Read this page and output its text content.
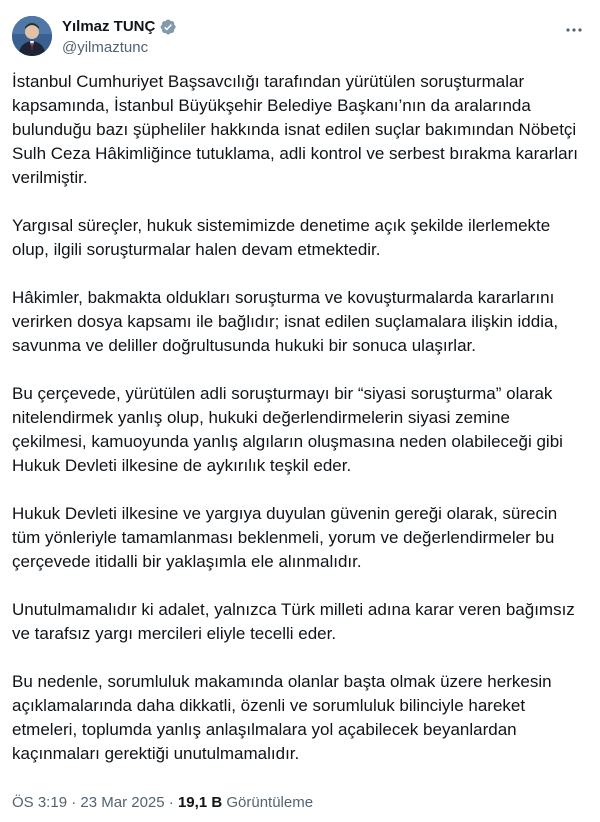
Yılmaz TUNÇ
@yilmaztunc

İstanbul Cumhuriyet Başsavcılığı tarafından yürütülen soruşturmalar kapsamında, İstanbul Büyükşehir Belediye Başkanı’nın da aralarında bulunduğu bazı şüpheliler hakkında isnat edilen suçlar bakımından Nöbetçi Sulh Ceza Hâkimliğince tutuklama, adli kontrol ve serbest bırakma kararları verilmiştir.

Yargısal süreçler, hukuk sistemimizde denetime açık şekilde ilerlemekte olup, ilgili soruşturmalar halen devam etmektedir.

Hâkimler, bakmakta oldukları soruşturma ve kovuşturmalarda kararlarını verirken dosya kapsamı ile bağlıdır; isnat edilen suçlamalara ilişkin iddia, savunma ve deliller doğrultusunda hukuki bir sonuca ulaşırlar.

Bu çerçevede, yürütülen adli soruşturmayı bir “siyasi soruşturma” olarak nitelendirmek yanlış olup, hukuki değerlendirmelerin siyasi zemine çekilmesi, kamuoyunda yanlış algıların oluşmasına neden olabileceği gibi Hukuk Devleti ilkesine de aykırılık teşkil eder.

Hukuk Devleti ilkesine ve yargıya duyulan güvenin gereği olarak, sürecin tüm yönleriyle tamamlanması beklenmeli, yorum ve değerlendirmeler bu çerçevede itidalli bir yaklaşımla ele alınmalıdır.

Unutulmamalıdır ki adalet, yalnızca Türk milleti adına karar veren bağımsız ve tarafsız yargı mercileri eliyle tecelli eder.

Bu nedenle, sorumluluk makamında olanlar başta olmak üzere herkesin açıklamalarında daha dikkatli, özenli ve sorumluluk bilinciyle hareket etmeleri, toplumda yanlış anlaşılmalara yol açabilecek beyanlardan kaçınmaları gerektiği unutulmamalıdır.

ÖS 3:19 · 23 Mar 2025 · 19,1 B Görüntüleme
